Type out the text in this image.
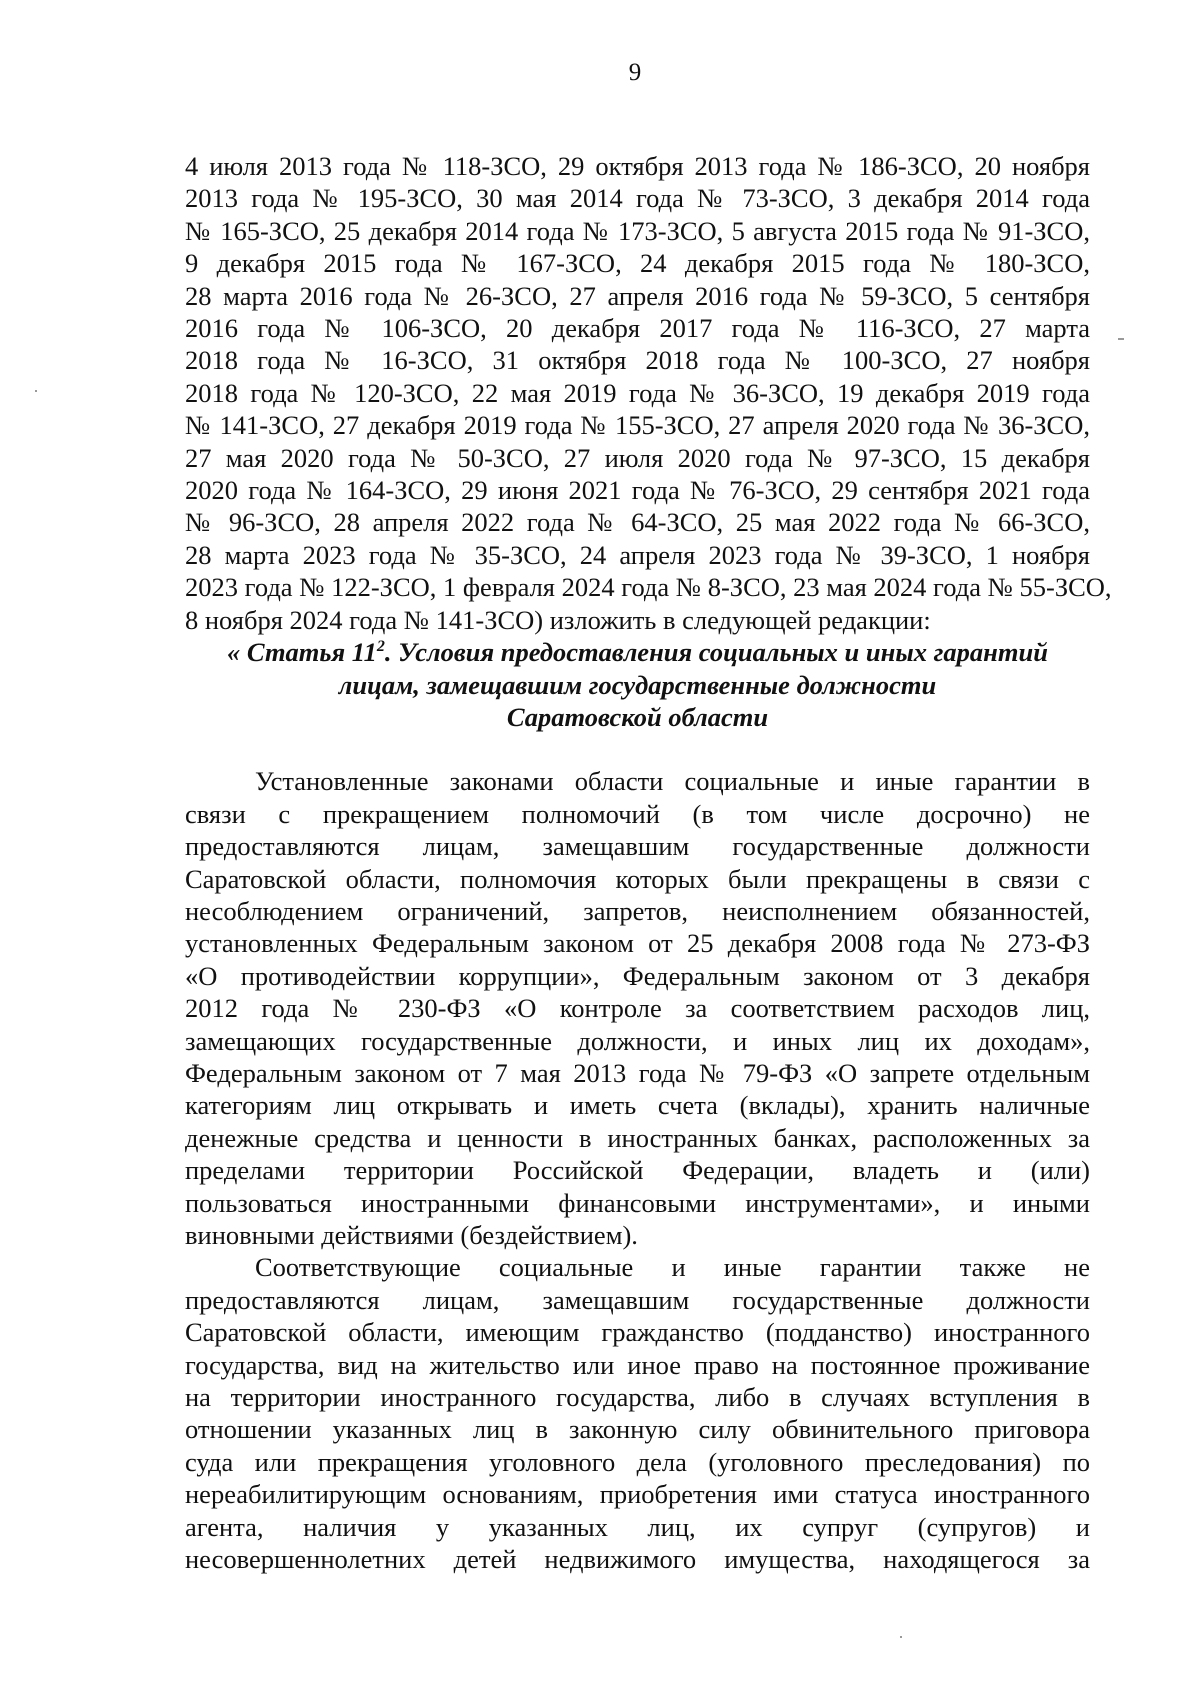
9
4 июля 2013 года № 118-ЗСО, 29 октября 2013 года № 186-ЗСО, 20 ноября
2013 года № 195-ЗСО, 30 мая 2014 года № 73-ЗСО, 3 декабря 2014 года
№ 165-ЗСО, 25 декабря 2014 года № 173-ЗСО, 5 августа 2015 года № 91-ЗСО,
9 декабря 2015 года № 167-ЗСО, 24 декабря 2015 года № 180-ЗСО,
28 марта 2016 года № 26-ЗСО, 27 апреля 2016 года № 59-ЗСО, 5 сентября
2016 года № 106-ЗСО, 20 декабря 2017 года № 116-ЗСО, 27 марта
2018 года № 16-ЗСО, 31 октября 2018 года № 100-ЗСО, 27 ноября
2018 года № 120-ЗСО, 22 мая 2019 года № 36-ЗСО, 19 декабря 2019 года
№ 141-ЗСО, 27 декабря 2019 года № 155-ЗСО, 27 апреля 2020 года № 36-ЗСО,
27 мая 2020 года № 50-ЗСО, 27 июля 2020 года № 97-ЗСО, 15 декабря
2020 года № 164-ЗСО, 29 июня 2021 года № 76-ЗСО, 29 сентября 2021 года
№ 96-ЗСО, 28 апреля 2022 года № 64-ЗСО, 25 мая 2022 года № 66-ЗСО,
28 марта 2023 года № 35-ЗСО, 24 апреля 2023 года № 39-ЗСО, 1 ноября
2023 года № 122-ЗСО, 1 февраля 2024 года № 8-ЗСО, 23 мая 2024 года № 55-ЗСО,
8 ноября 2024 года № 141-ЗСО) изложить в следующей редакции:
« Статья $11^2$. Условия предоставления социальных и иных гарантий
лицам, замещавшим государственные должности
Саратовской области
Установленные законами области социальные и иные гарантии в
связи с прекращением полномочий (в том числе досрочно) не
предоставляются лицам, замещавшим государственные должности
Саратовской области, полномочия которых были прекращены в связи с
несоблюдением ограничений, запретов, неисполнением обязанностей,
установленных Федеральным законом от 25 декабря 2008 года № 273-ФЗ
«О противодействии коррупции», Федеральным законом от 3 декабря
2012 года № 230-ФЗ «О контроле за соответствием расходов лиц,
замещающих государственные должности, и иных лиц их доходам»,
Федеральным законом от 7 мая 2013 года № 79-ФЗ «О запрете отдельным
категориям лиц открывать и иметь счета (вклады), хранить наличные
денежные средства и ценности в иностранных банках, расположенных за
пределами территории Российской Федерации, владеть и (или)
пользоваться иностранными финансовыми инструментами», и иными
виновными действиями (бездействием).
Соответствующие социальные и иные гарантии также не
предоставляются лицам, замещавшим государственные должности
Саратовской области, имеющим гражданство (подданство) иностранного
государства, вид на жительство или иное право на постоянное проживание
на территории иностранного государства, либо в случаях вступления в
отношении указанных лиц в законную силу обвинительного приговора
суда или прекращения уголовного дела (уголовного преследования) по
нереабилитирующим основаниям, приобретения ими статуса иностранного
агента, наличия у указанных лиц, их супруг (супругов) и
несовершеннолетних детей недвижимого имущества, находящегося за
